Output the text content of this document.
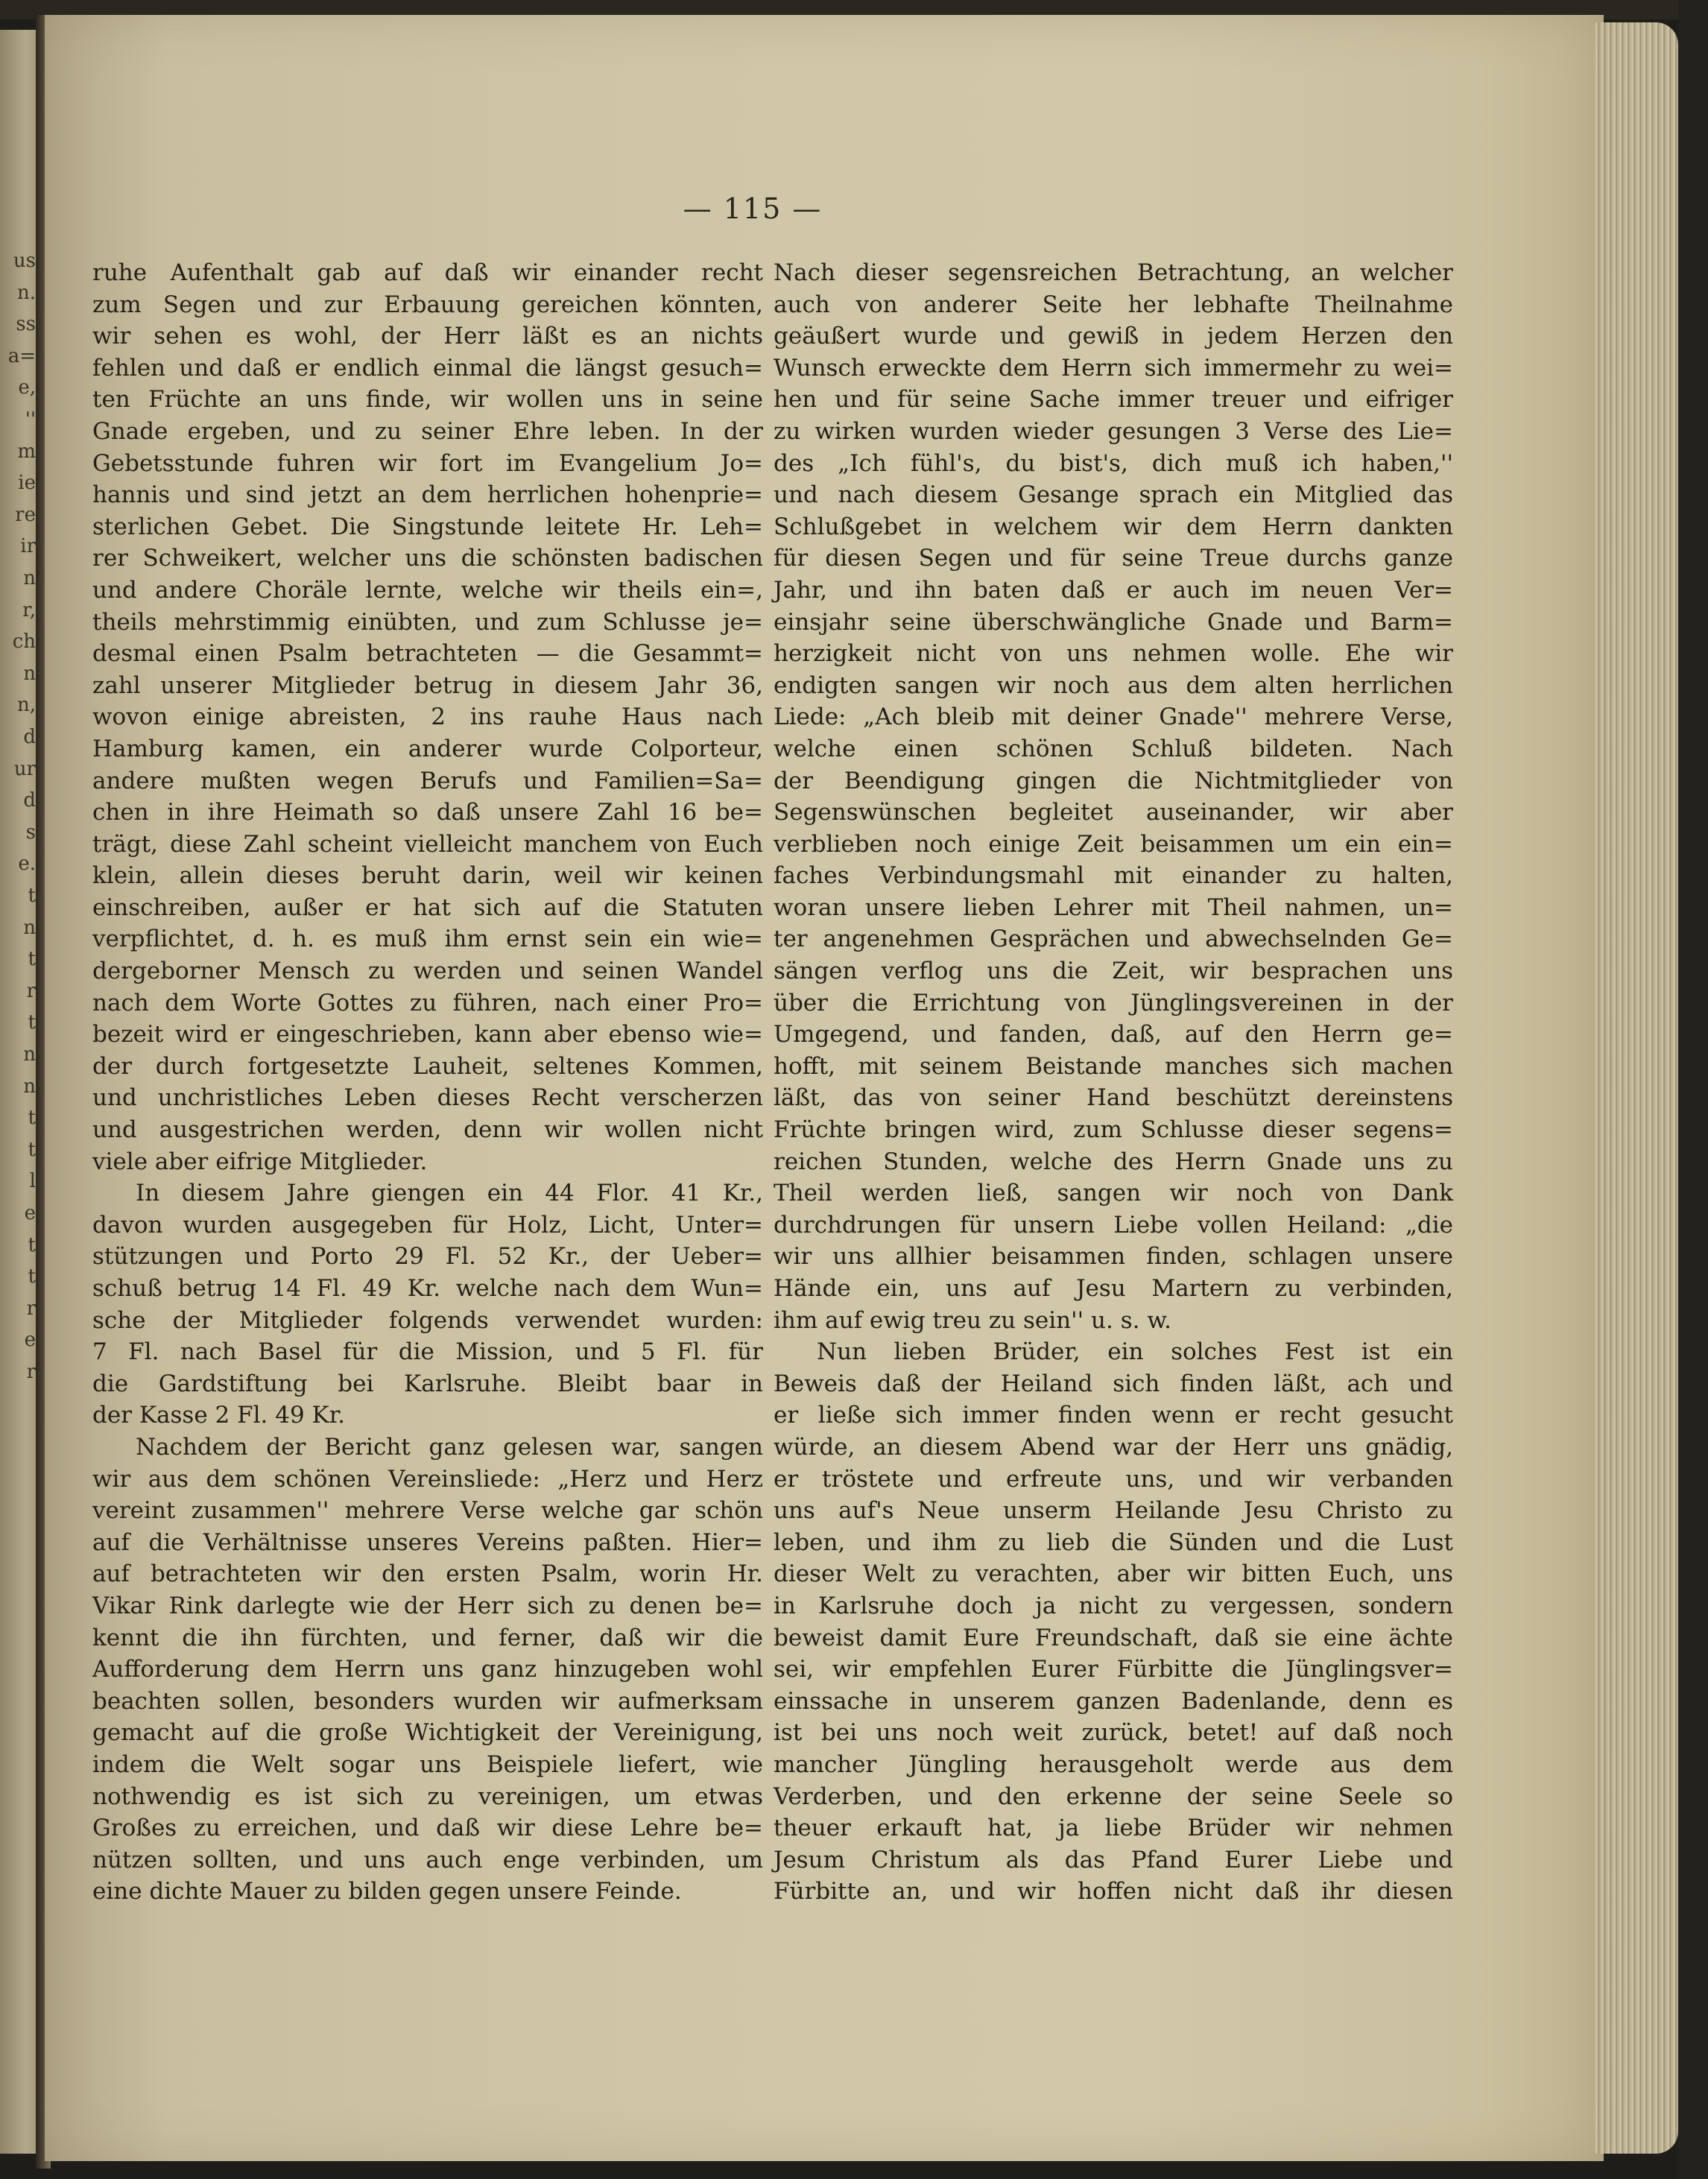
us
n.
ss
a=
e,
''
m
ie
re
ir
n
r,
ch
n
n,
d
ur
d
s
e.
t
n
t
r
t
n
n
t
t
l
e
t
t
r
e
r
— 115 —
ruhe Aufenthalt gab auf daß wir einander recht
zum Segen und zur Erbauung gereichen könnten,
wir sehen es wohl, der Herr läßt es an nichts
fehlen und daß er endlich einmal die längst gesuch=
ten Früchte an uns finde, wir wollen uns in seine
Gnade ergeben, und zu seiner Ehre leben. In der
Gebetsstunde fuhren wir fort im Evangelium Jo=
hannis und sind jetzt an dem herrlichen hohenprie=
sterlichen Gebet. Die Singstunde leitete Hr. Leh=
rer Schweikert, welcher uns die schönsten badischen
und andere Choräle lernte, welche wir theils ein=,
theils mehrstimmig einübten, und zum Schlusse je=
desmal einen Psalm betrachteten — die Gesammt=
zahl unserer Mitglieder betrug in diesem Jahr 36,
wovon einige abreisten, 2 ins rauhe Haus nach
Hamburg kamen, ein anderer wurde Colporteur,
andere mußten wegen Berufs und Familien=Sa=
chen in ihre Heimath so daß unsere Zahl 16 be=
trägt, diese Zahl scheint vielleicht manchem von Euch
klein, allein dieses beruht darin, weil wir keinen
einschreiben, außer er hat sich auf die Statuten
verpflichtet, d. h. es muß ihm ernst sein ein wie=
dergeborner Mensch zu werden und seinen Wandel
nach dem Worte Gottes zu führen, nach einer Pro=
bezeit wird er eingeschrieben, kann aber ebenso wie=
der durch fortgesetzte Lauheit, seltenes Kommen,
und unchristliches Leben dieses Recht verscherzen
und ausgestrichen werden, denn wir wollen nicht
viele aber eifrige Mitglieder.
In diesem Jahre giengen ein 44 Flor. 41 Kr.,
davon wurden ausgegeben für Holz, Licht, Unter=
stützungen und Porto 29 Fl. 52 Kr., der Ueber=
schuß betrug 14 Fl. 49 Kr. welche nach dem Wun=
sche der Mitglieder folgends verwendet wurden:
7 Fl. nach Basel für die Mission, und 5 Fl. für
die Gardstiftung bei Karlsruhe. Bleibt baar in
der Kasse 2 Fl. 49 Kr.
Nachdem der Bericht ganz gelesen war, sangen
wir aus dem schönen Vereinsliede: „Herz und Herz
vereint zusammen'' mehrere Verse welche gar schön
auf die Verhältnisse unseres Vereins paßten. Hier=
auf betrachteten wir den ersten Psalm, worin Hr.
Vikar Rink darlegte wie der Herr sich zu denen be=
kennt die ihn fürchten, und ferner, daß wir die
Aufforderung dem Herrn uns ganz hinzugeben wohl
beachten sollen, besonders wurden wir aufmerksam
gemacht auf die große Wichtigkeit der Vereinigung,
indem die Welt sogar uns Beispiele liefert, wie
nothwendig es ist sich zu vereinigen, um etwas
Großes zu erreichen, und daß wir diese Lehre be=
nützen sollten, und uns auch enge verbinden, um
eine dichte Mauer zu bilden gegen unsere Feinde.
Nach dieser segensreichen Betrachtung, an welcher
auch von anderer Seite her lebhafte Theilnahme
geäußert wurde und gewiß in jedem Herzen den
Wunsch erweckte dem Herrn sich immermehr zu wei=
hen und für seine Sache immer treuer und eifriger
zu wirken wurden wieder gesungen 3 Verse des Lie=
des „Ich fühl's, du bist's, dich muß ich haben,''
und nach diesem Gesange sprach ein Mitglied das
Schlußgebet in welchem wir dem Herrn dankten
für diesen Segen und für seine Treue durchs ganze
Jahr, und ihn baten daß er auch im neuen Ver=
einsjahr seine überschwängliche Gnade und Barm=
herzigkeit nicht von uns nehmen wolle. Ehe wir
endigten sangen wir noch aus dem alten herrlichen
Liede: „Ach bleib mit deiner Gnade'' mehrere Verse,
welche einen schönen Schluß bildeten. Nach
der Beendigung gingen die Nichtmitglieder von
Segenswünschen begleitet auseinander, wir aber
verblieben noch einige Zeit beisammen um ein ein=
faches Verbindungsmahl mit einander zu halten,
woran unsere lieben Lehrer mit Theil nahmen, un=
ter angenehmen Gesprächen und abwechselnden Ge=
sängen verflog uns die Zeit, wir besprachen uns
über die Errichtung von Jünglingsvereinen in der
Umgegend, und fanden, daß, auf den Herrn ge=
hofft, mit seinem Beistande manches sich machen
läßt, das von seiner Hand beschützt dereinstens
Früchte bringen wird, zum Schlusse dieser segens=
reichen Stunden, welche des Herrn Gnade uns zu
Theil werden ließ, sangen wir noch von Dank
durchdrungen für unsern Liebe vollen Heiland: „die
wir uns allhier beisammen finden, schlagen unsere
Hände ein, uns auf Jesu Martern zu verbinden,
ihm auf ewig treu zu sein'' u. s. w.
Nun lieben Brüder, ein solches Fest ist ein
Beweis daß der Heiland sich finden läßt, ach und
er ließe sich immer finden wenn er recht gesucht
würde, an diesem Abend war der Herr uns gnädig,
er tröstete und erfreute uns, und wir verbanden
uns auf's Neue unserm Heilande Jesu Christo zu
leben, und ihm zu lieb die Sünden und die Lust
dieser Welt zu verachten, aber wir bitten Euch, uns
in Karlsruhe doch ja nicht zu vergessen, sondern
beweist damit Eure Freundschaft, daß sie eine ächte
sei, wir empfehlen Eurer Fürbitte die Jünglingsver=
einssache in unserem ganzen Badenlande, denn es
ist bei uns noch weit zurück, betet! auf daß noch
mancher Jüngling herausgeholt werde aus dem
Verderben, und den erkenne der seine Seele so
theuer erkauft hat, ja liebe Brüder wir nehmen
Jesum Christum als das Pfand Eurer Liebe und
Fürbitte an, und wir hoffen nicht daß ihr diesen
